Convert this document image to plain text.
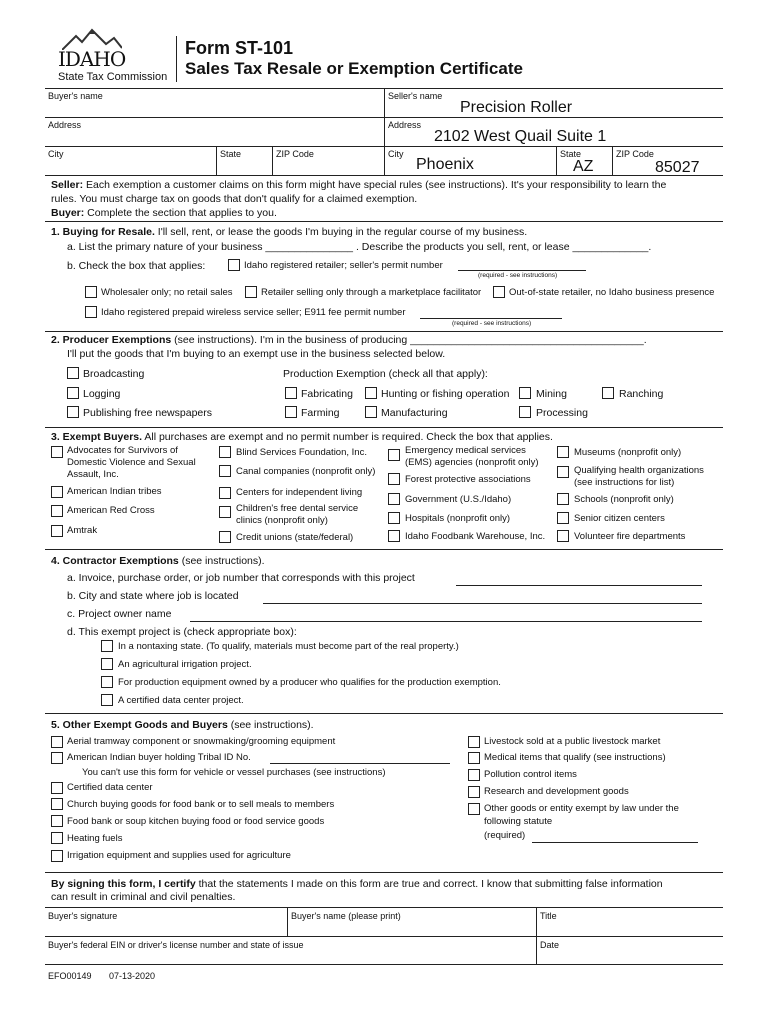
IDAHO
State Tax Commission
Form ST-101
Sales Tax Resale or Exemption Certificate
Buyer's name
Address
City	State	ZIP Code
Seller's name
Precision Roller
Address
2102 West Quail Suite 1
City
Phoenix
State
AZ
ZIP Code
85027
Seller: Each exemption a customer claims on this form might have special rules (see instructions). It's your responsibility to learn the
rules. You must charge tax on goods that don't qualify for a claimed exemption.
Buyer: Complete the section that applies to you.
1. Buying for Resale. I'll sell, rent, or lease the goods I'm buying in the regular course of my business.
a. List the primary nature of your business _______________ . Describe the products you sell, rent, or lease _____________.
b. Check the box that applies:	Idaho registered retailer; seller's permit number
(required - see instructions)
Wholesaler only; no retail sales	Retailer selling only through a marketplace facilitator	Out-of-state retailer, no Idaho business presence
Idaho registered prepaid wireless service seller; E911 fee permit number
(required - see instructions)
2. Producer Exemptions (see instructions). I'm in the business of producing ________________________________________.
I'll put the goods that I'm buying to an exempt use in the business selected below.
Production Exemption (check all that apply):
Broadcasting
Logging
Publishing free newspapers
Fabricating
Farming
Hunting or fishing operation
Manufacturing
Mining
Processing
Ranching
3. Exempt Buyers. All purchases are exempt and no permit number is required. Check the box that applies.
Advocates for Survivors of
Domestic Violence and Sexual
Assault, Inc.
American Indian tribes
American Red Cross
Amtrak
Blind Services Foundation, Inc.
Canal companies (nonprofit only)
Centers for independent living
Children's free dental service
clinics (nonprofit only)
Credit unions (state/federal)
Emergency medical services
(EMS) agencies (nonprofit only)
Forest protective associations
Government (U.S./Idaho)
Hospitals (nonprofit only)
Idaho Foodbank Warehouse, Inc.
Museums (nonprofit only)
Qualifying health organizations
(see instructions for list)
Schools (nonprofit only)
Senior citizen centers
Volunteer fire departments
4. Contractor Exemptions (see instructions).
a. Invoice, purchase order, or job number that corresponds with this project
b. City and state where job is located
c. Project owner name
d. This exempt project is (check appropriate box):
In a nontaxing state. (To qualify, materials must become part of the real property.)
An agricultural irrigation project.
For production equipment owned by a producer who qualifies for the production exemption.
A certified data center project.
5. Other Exempt Goods and Buyers (see instructions).
Aerial tramway component or snowmaking/grooming equipment
American Indian buyer holding Tribal ID No.
You can't use this form for vehicle or vessel purchases (see instructions)
Certified data center
Church buying goods for food bank or to sell meals to members
Food bank or soup kitchen buying food or food service goods
Heating fuels
Irrigation equipment and supplies used for agriculture
Livestock sold at a public livestock market
Medical items that qualify (see instructions)
Pollution control items
Research and development goods
Other goods or entity exempt by law under the
following statute
(required)
By signing this form, I certify that the statements I made on this form are true and correct. I know that submitting false information
can result in criminal and civil penalties.
Buyer's signature	Buyer's name (please print)	Title
Buyer's federal EIN or driver's license number and state of issue	Date
EFO00149 07-13-2020
